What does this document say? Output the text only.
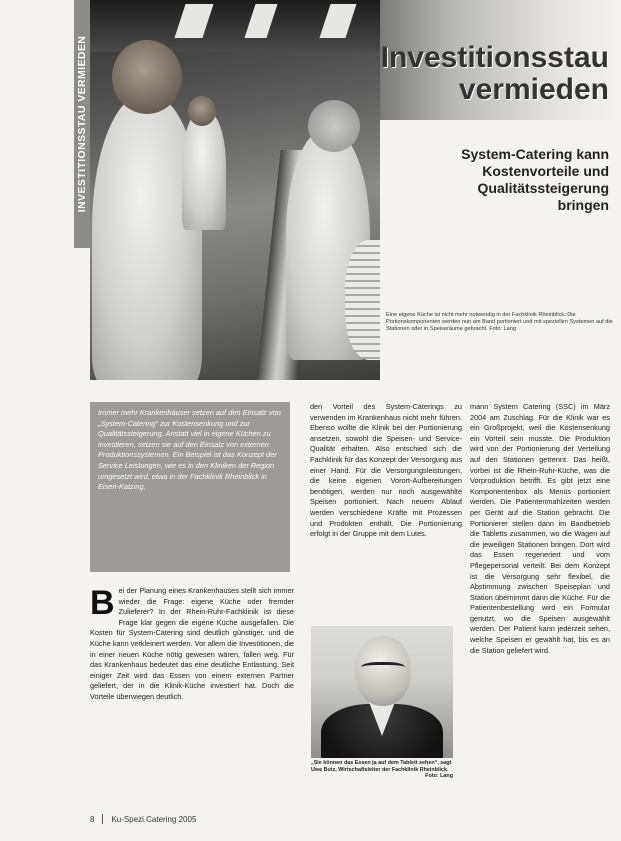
INVESTITIONSSTAU VERMIEDEN	Investitionsstau
vermieden
System-Catering kann
Kostenvorteile und
Qualitätssteigerung
bringen
Eine eigene Küche ist nicht mehr notwendig in der Fachklinik Rheinblick. Die Portionskomponenten werden nun am Band portioniert und mit speziellen Systemen auf die Stationen oder in Speiseräume gebracht. Foto: Lang
Immer mehr Krankenhäuser setzen auf den Einsatz von „System-Catering“ zur Kostensenkung und zur Qualitätssteigerung. Anstatt viel in eigene Küchen zu investieren, setzen sie auf den Einsatz von externen Produktionssystemen. Ein Beispiel ist das Konzept der Service Leistungen, wie es in den Kliniken der Region umgesetzt wird, etwa in der Fachklinik Rheinblick in Eisen-Katzing.
B ei der Planung eines Krankenhauses stellt sich immer wieder die Frage: eigene Küche oder fremder Zulieferer? In der Rhein-Ruhr-Fachklinik ist diese Frage klar gegen die eigene Küche ausgefallen. Die Kosten für System-Catering sind deutlich günstiger, und die Küche kann verkleinert werden. Vor allem die Investitionen, die in einer neuen Küche nötig gewesen wären, fallen weg. Für das Krankenhaus bedeutet das eine deutliche Entlastung. Seit einiger Zeit wird das Essen von einem externen Partner geliefert, der in die Klinik-Küche investiert hat. Doch die Vorteile überwiegen deutlich.
den Vorteil des System-Caterings zu verwenden im Krankenhaus nicht mehr führen. Ebenso wollte die Klinik bei der Portionierung ansetzen, sowohl die Speisen- und Service-Qualität erhalten. Also entschied sich die Fachklinik für das Konzept der Versorgung aus einer Hand. Für die Versorgungsleistungen, die keine eigenen Vorort-Aufbereitungen benötigen, werden nur noch ausgewählte Speisen portioniert. Nach neuem Ablauf werden verschiedene Kräfte mit Prozessen und Produkten enthält. Die Portionierung erfolgt in der Gruppe mit dem Lutes.
mann System Catering (SSC) im März 2004 am Zuschlag. Für die Klinik war es ein Großprojekt, weil die Kostensenkung ein Vorteil sein musste. Die Produktion wird von der Portionierung der Verteilung auf den Stationen getrennt. Das heißt, vorbei ist die Rhein-Ruhr-Küche, was die Vorproduktion betrifft. Es gibt jetzt eine Komponentenbox als Menüs portioniert werden. Die Patientenmahlzeiten werden per Gerät auf die Station gebracht. Die Portionierer stellen dann im Bandbetrieb die Tabletts zusammen, wo die Wagen auf die jeweiligen Stationen bringen. Dort wird das Essen regeneriert und vom Pflegepersonal verteilt. Bei dem Konzept ist die Versorgung sehr flexibel, die Abstimmung zwischen Speiseplan und Station übernimmt dann die Küche. Für die Patientenbestellung wird ein Formular genutzt, wo die Speisen ausgewählt werden. Der Patient kann jederzeit sehen, welche Speisen er gewählt hat, bis es an die Station geliefert wird.
„Sie können das Essen ja auf dem Tablett sehen“, sagt Uwe Butz, Wirtschaftsleiter der Fachklinik Rheinblick.
Foto: Lang
8 Ku-Spezi Catering 2005
